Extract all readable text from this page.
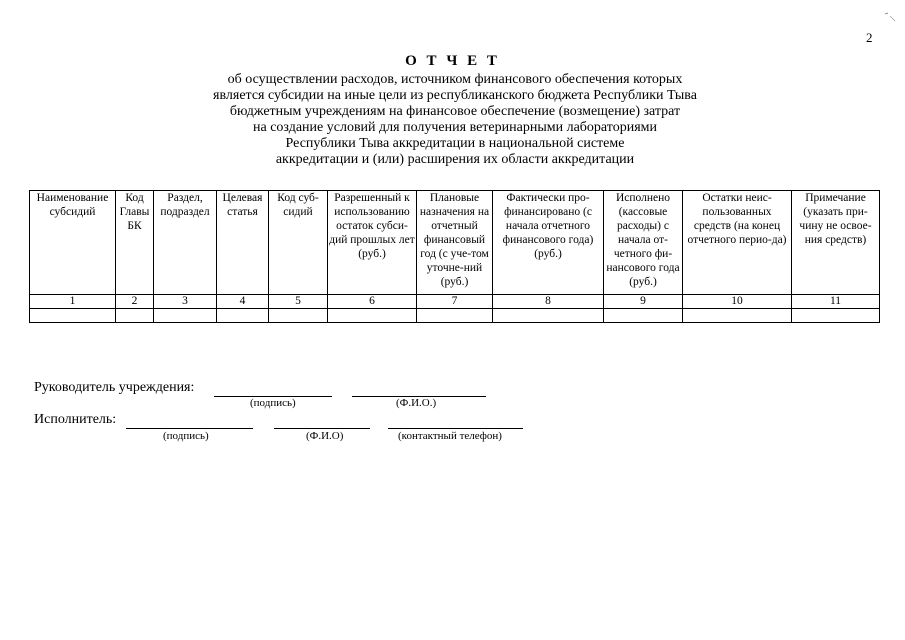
2
О Т Ч Е Т
об осуществлении расходов, источником финансового обеспечения которых
является субсидии на иные цели из республиканского бюджета Республики Тыва
бюджетным учреждениям на финансовое обеспечение (возмещение) затрат
на создание условий для получения ветеринарными лабораториями
Республики Тыва аккредитации в национальной системе
аккредитации и (или) расширения их области аккредитации
Наименование субсидий	Код Главы БК	Раздел, подраздел	Целевая статья	Код суб-сидий	Разрешенный к использованию остаток субси-дий прошлых лет (руб.)	Плановые назначения на отчетный финансовый год (с уче-том уточне-ний (руб.)	Фактически про-финансировано (с начала отчетного финансового года) (руб.)	Исполнено (кассовые расходы) с начала от-четного фи-нансового года (руб.)	Остатки неис-пользованных средств (на конец отчетного перио-да)	Примечание (указать при-чину не освое-ния средств)
1	2	3	4	5	6	7	8	9	10	11

Руководитель учреждения:
(подпись)	(Ф.И.О.)
Исполнитель:
(подпись)	(Ф.И.О)	(контактный телефон)
